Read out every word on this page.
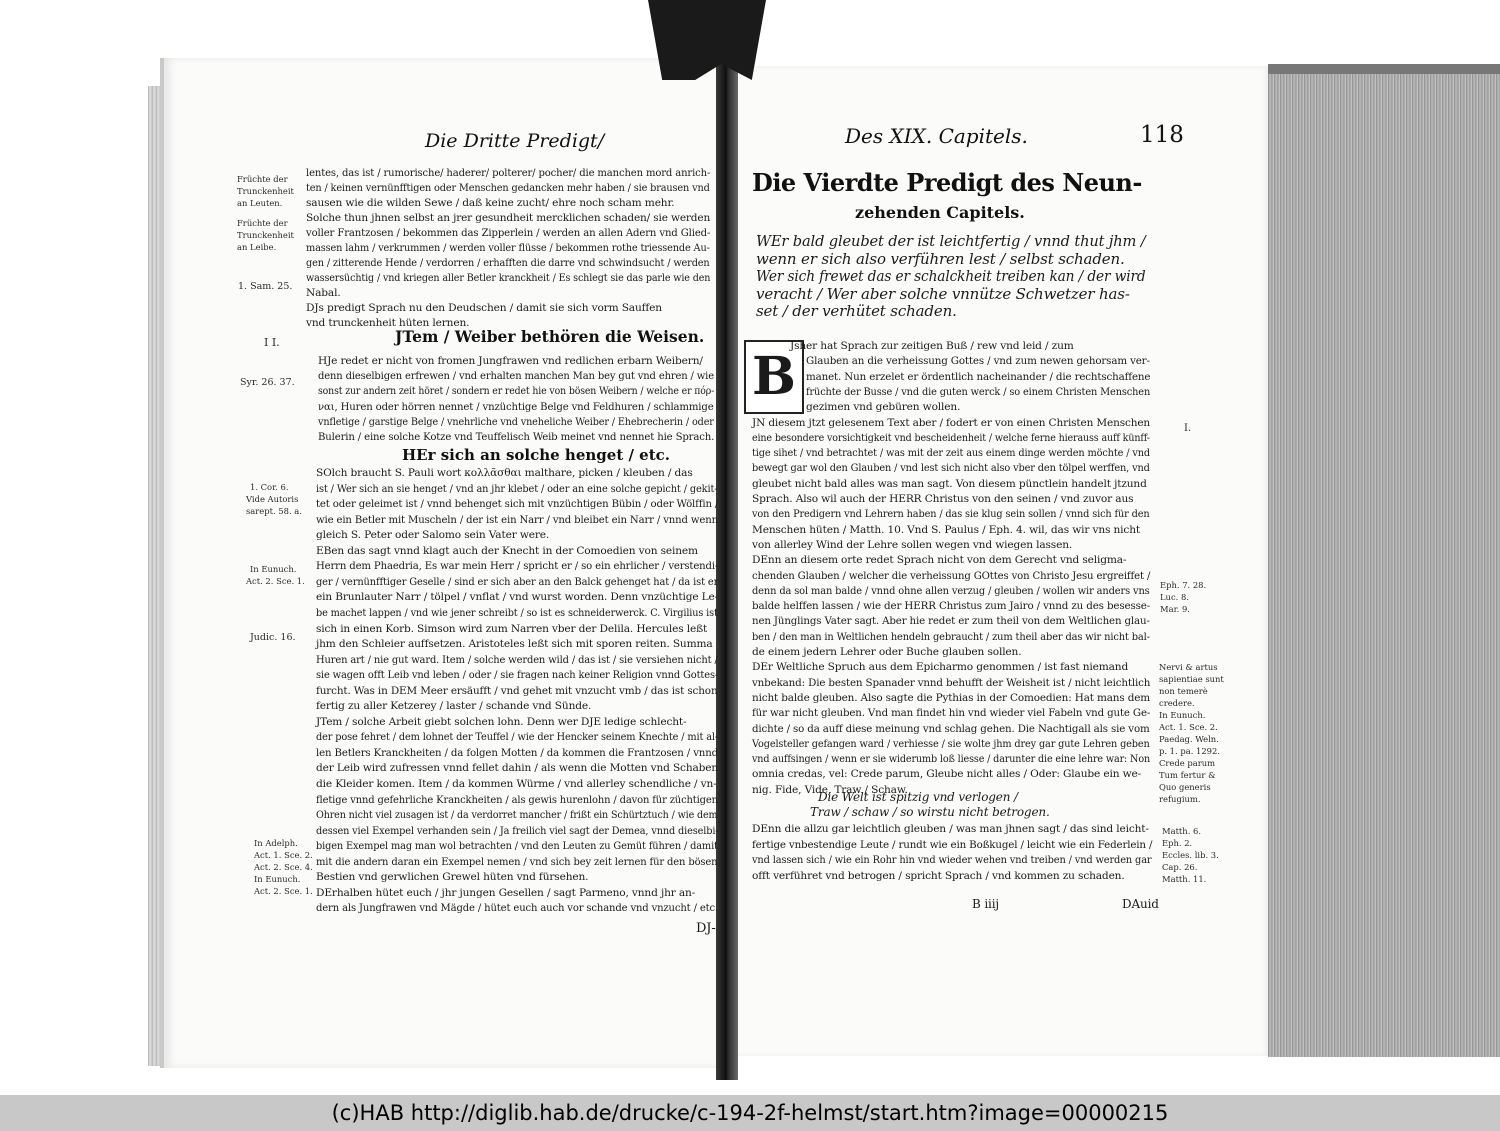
Die Dritte Predigt/
lentes, das ist / rumorische/ haderer/ polterer/ pocher/ die manchen mord anrich-
ten / keinen vernünfftigen oder Menschen gedancken mehr haben / sie brausen vnd
sausen wie die wilden Sewe / daß keine zucht/ ehre noch scham mehr.
Solche thun jhnen selbst an jrer gesundheit mercklichen schaden/ sie werden
voller Frantzosen / bekommen das Zipperlein / werden an allen Adern vnd Glied-
massen lahm / verkrummen / werden voller flüsse / bekommen rothe triessende Au-
gen / zitterende Hende / verdorren / erhafften die darre vnd schwindsucht / werden
wassersüchtig / vnd kriegen aller Betler kranckheit / Es schlegt sie das parle wie den
Nabal.
DJs predigt Sprach nu den Deudschen / damit sie sich vorm Sauffen
vnd trunckenheit hüten lernen.
JTem / Weiber bethören die Weisen.
HJe redet er nicht von fromen Jungfrawen vnd redlichen erbarn Weibern/
denn dieselbigen erfrewen / vnd erhalten manchen Man bey gut vnd ehren / wie
sonst zur andern zeit höret / sondern er redet hie von bösen Weibern / welche er πόρ-
ναι, Huren oder hörren nennet / vnzüchtige Belge vnd Feldhuren / schlammige
vnfletige / garstige Belge / vnehrliche vnd vneheliche Weiber / Ehebrecherin / oder
Bulerin / eine solche Kotze vnd Teuffelisch Weib meinet vnd nennet hie Sprach.
HEr sich an solche henget / etc.
SOlch braucht S. Pauli wort κολλᾶσθαι malthare, picken / kleuben / das
ist / Wer sich an sie henget / vnd an jhr klebet / oder an eine solche gepicht / gekit-
tet oder geleimet ist / vnnd behenget sich mit vnzüchtigen Bübin / oder Wölffin /
wie ein Betler mit Muscheln / der ist ein Narr / vnd bleibet ein Narr / vnnd wenn
gleich S. Peter oder Salomo sein Vater were.
EBen das sagt vnnd klagt auch der Knecht in der Comoedien von seinem
Herrn dem Phaedria, Es war mein Herr / spricht er / so ein ehrlicher / verstendi-
ger / vernünfftiger Geselle / sind er sich aber an den Balck gehenget hat / da ist er
ein Brunlauter Narr / tölpel / vnflat / vnd wurst worden. Denn vnzüchtige Le-
be machet lappen / vnd wie jener schreibt / so ist es schneiderwerck. C. Virgilius ist
sich in einen Korb. Simson wird zum Narren vber der Delila. Hercules leßt
jhm den Schleier auffsetzen. Aristoteles leßt sich mit sporen reiten. Summa
Huren art / nie gut ward. Item / solche werden wild / das ist / sie versiehen nicht /
sie wagen offt Leib vnd leben / oder / sie fragen nach keiner Religion vnnd Gottes-
furcht. Was in DEM Meer ersäufft / vnd gehet mit vnzucht vmb / das ist schon
fertig zu aller Ketzerey / laster / schande vnd Sünde.
JTem / solche Arbeit giebt solchen lohn. Denn wer DJE ledige schlecht-
der pose fehret / dem lohnet der Teuffel / wie der Hencker seinem Knechte / mit al-
len Betlers Kranckheiten / da folgen Motten / da kommen die Frantzosen / vnnd
der Leib wird zufressen vnnd fellet dahin / als wenn die Motten vnd Schaben
die Kleider komen. Item / da kommen Würme / vnd allerley schendliche / vn-
fletige vnnd gefehrliche Kranckheiten / als gewis hurenlohn / davon für züchtigen
Ohren nicht viel zusagen ist / da verdorret mancher / frißt ein Schürtztuch / wie dem
dessen viel Exempel verhanden sein / Ja freilich viel sagt der Demea, vnnd dieselbi-
bigen Exempel mag man wol betrachten / vnd den Leuten zu Gemüt führen / damit
mit die andern daran ein Exempel nemen / vnd sich bey zeit lernen für den bösen
Bestien vnd gerwlichen Grewel hüten vnd fürsehen.
DErhalben hütet euch / jhr jungen Gesellen / sagt Parmeno, vnnd jhr an-
dern als Jungfrawen vnd Mägde / hütet euch auch vor schande vnd vnzucht / etc.
DJ-
Früchte der
Trunckenheit
an Leuten.
Früchte der
Trunckenheit
an Leibe.
1. Sam. 25.
I I.
Syr. 26. 37.
1. Cor. 6.
Vide Autoris
sarept. 58. a.
In Eunuch.
Act. 2. Sce. 1.
Judic. 16.
In Adelph.
Act. 1. Sce. 2.
Act. 2. Sce. 4.
In Eunuch.
Act. 2. Sce. 1.
Des XIX. Capitels.	118
Die Vierdte Predigt des Neun-
zehenden Capitels.
WEr bald gleubet der ist leichtfertig / vnnd thut jhm /
wenn er sich also verführen lest / selbst schaden.
Wer sich frewet das er schalckheit treiben kan / der wird
veracht / Wer aber solche vnnütze Schwetzer has-
set / der verhütet schaden.
B
Jsher hat Sprach zur zeitigen Buß / rew vnd leid / zum
Glauben an die verheissung Gottes / vnd zum newen gehorsam ver-
manet. Nun erzelet er ördentlich nacheinander / die rechtschaffene
früchte der Busse / vnd die guten werck / so einem Christen Menschen
gezimen vnd gebüren wollen.
JN diesem jtzt gelesenem Text aber / fodert er von einen Christen Menschen
eine besondere vorsichtigkeit vnd bescheidenheit / welche ferne hierauss auff künff-
tige sihet / vnd betrachtet / was mit der zeit aus einem dinge werden möchte / vnd
bewegt gar wol den Glauben / vnd lest sich nicht also vber den tölpel werffen, vnd
gleubet nicht bald alles was man sagt. Von diesem pünctlein handelt jtzund
Sprach. Also wil auch der HERR Christus von den seinen / vnd zuvor aus
von den Predigern vnd Lehrern haben / das sie klug sein sollen / vnnd sich für den
Menschen hüten / Matth. 10. Vnd S. Paulus / Eph. 4. wil, das wir vns nicht
von allerley Wind der Lehre sollen wegen vnd wiegen lassen.
DEnn an diesem orte redet Sprach nicht von dem Gerecht vnd seligma-
chenden Glauben / welcher die verheissung GOttes von Christo Jesu ergreiffet /
denn da sol man balde / vnnd ohne allen verzug / gleuben / wollen wir anders vns
balde helffen lassen / wie der HERR Christus zum Jairo / vnnd zu des besesse-
nen Jünglings Vater sagt. Aber hie redet er zum theil von dem Weltlichen glau-
ben / den man in Weltlichen hendeln gebraucht / zum theil aber das wir nicht bal-
de einem jedern Lehrer oder Buche glauben sollen.
DEr Weltliche Spruch aus dem Epicharmo genommen / ist fast niemand
vnbekand: Die besten Spanader vnnd behufft der Weisheit ist / nicht leichtlich
nicht balde gleuben. Also sagte die Pythias in der Comoedien: Hat mans dem
für war nicht gleuben. Vnd man findet hin vnd wieder viel Fabeln vnd gute Ge-
dichte / so da auff diese meinung vnd schlag gehen. Die Nachtigall als sie vom
Vogelsteller gefangen ward / verhiesse / sie wolte jhm drey gar gute Lehren geben
vnd auffsingen / wenn er sie widerumb loß liesse / darunter die eine lehre war: Non
omnia credas, vel: Crede parum, Gleube nicht alles / Oder: Glaube ein we-
nig. Fide, Vide, Traw / Schaw.
Die Welt ist spitzig vnd verlogen /
Traw / schaw / so wirstu nicht betrogen.
DEnn die allzu gar leichtlich gleuben / was man jhnen sagt / das sind leicht-
fertige vnbestendige Leute / rundt wie ein Boßkugel / leicht wie ein Federlein /
vnd lassen sich / wie ein Rohr hin vnd wieder wehen vnd treiben / vnd werden gar
offt verführet vnd betrogen / spricht Sprach / vnd kommen zu schaden.
B iiij	DAuid
I.
Eph. 7. 28.
Luc. 8.
Mar. 9.
Nervi & artus
sapientiae sunt
non temerè
credere.
In Eunuch.
Act. 1. Sce. 2.
Paedag. Weln.
p. 1. pa. 1292.
Crede parum
Tum fertur &
Quo generis
refugium.
Matth. 6.
Eph. 2.
Eccles. lib. 3.
Cap. 26.
Matth. 11.
(c)HAB http://diglib.hab.de/drucke/c-194-2f-helmst/start.htm?image=00000215
